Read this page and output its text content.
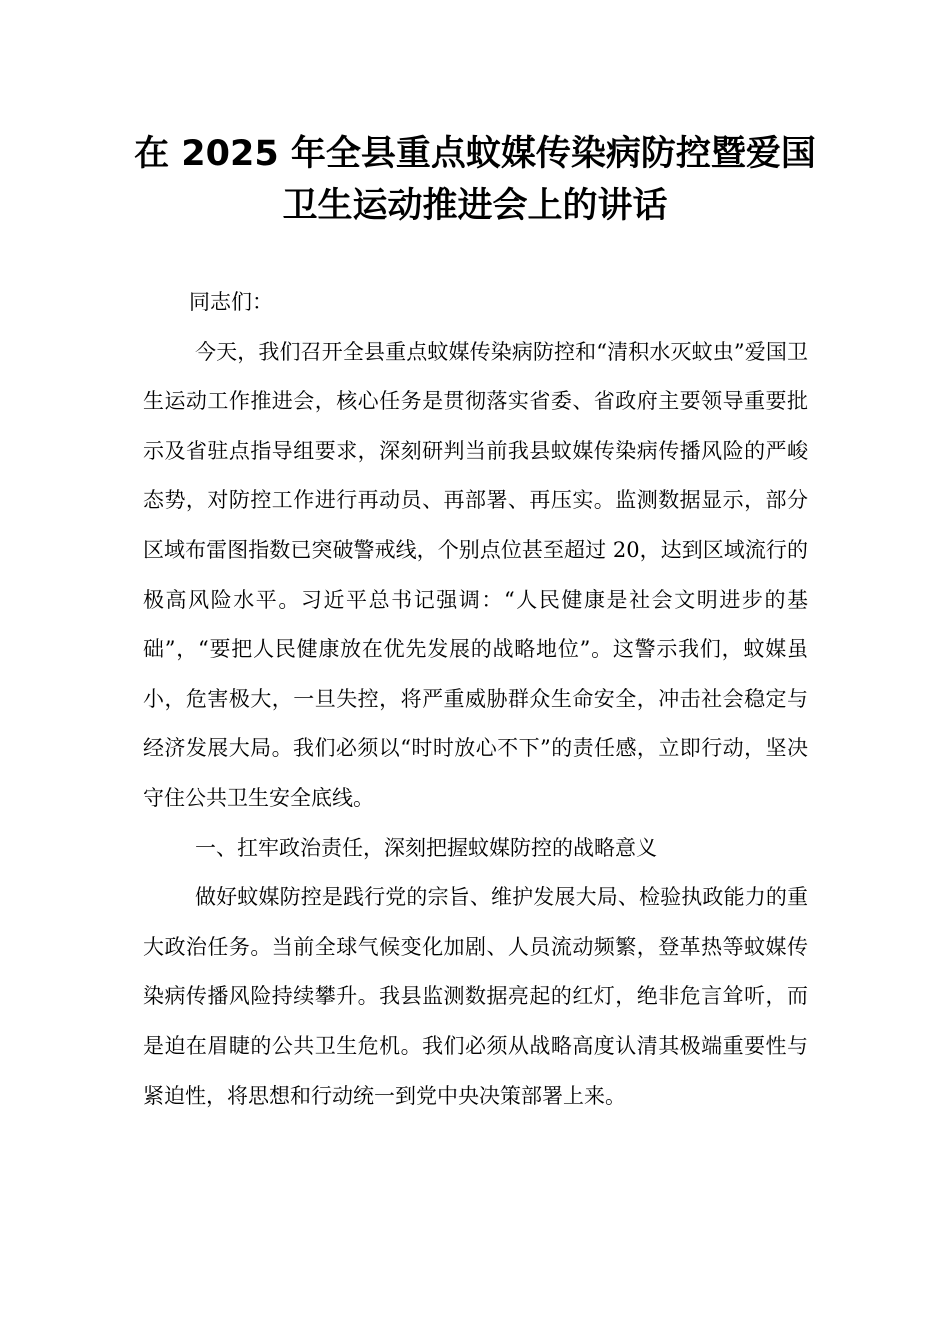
在 2025 年全县重点蚊媒传染病防控暨爱国
卫生运动推进会上的讲话

同志们：

今天，我们召开全县重点蚊媒传染病防控和“清积水灭蚊虫”爱国卫生运动工作推进会，核心任务是贯彻落实省委、省政府主要领导重要批示及省驻点指导组要求，深刻研判当前我县蚊媒传染病传播风险的严峻态势，对防控工作进行再动员、再部署、再压实。监测数据显示，部分区域布雷图指数已突破警戒线，个别点位甚至超过 20，达到区域流行的极高风险水平。习近平总书记强调：“人民健康是社会文明进步的基础”，“要把人民健康放在优先发展的战略地位”。这警示我们，蚊媒虽小，危害极大，一旦失控，将严重威胁群众生命安全，冲击社会稳定与经济发展大局。我们必须以“时时放心不下”的责任感，立即行动，坚决守住公共卫生安全底线。

一、扛牢政治责任，深刻把握蚊媒防控的战略意义

做好蚊媒防控是践行党的宗旨、维护发展大局、检验执政能力的重大政治任务。当前全球气候变化加剧、人员流动频繁，登革热等蚊媒传染病传播风险持续攀升。我县监测数据亮起的红灯，绝非危言耸听，而是迫在眉睫的公共卫生危机。我们必须从战略高度认清其极端重要性与紧迫性，将思想和行动统一到党中央决策部署上来。
